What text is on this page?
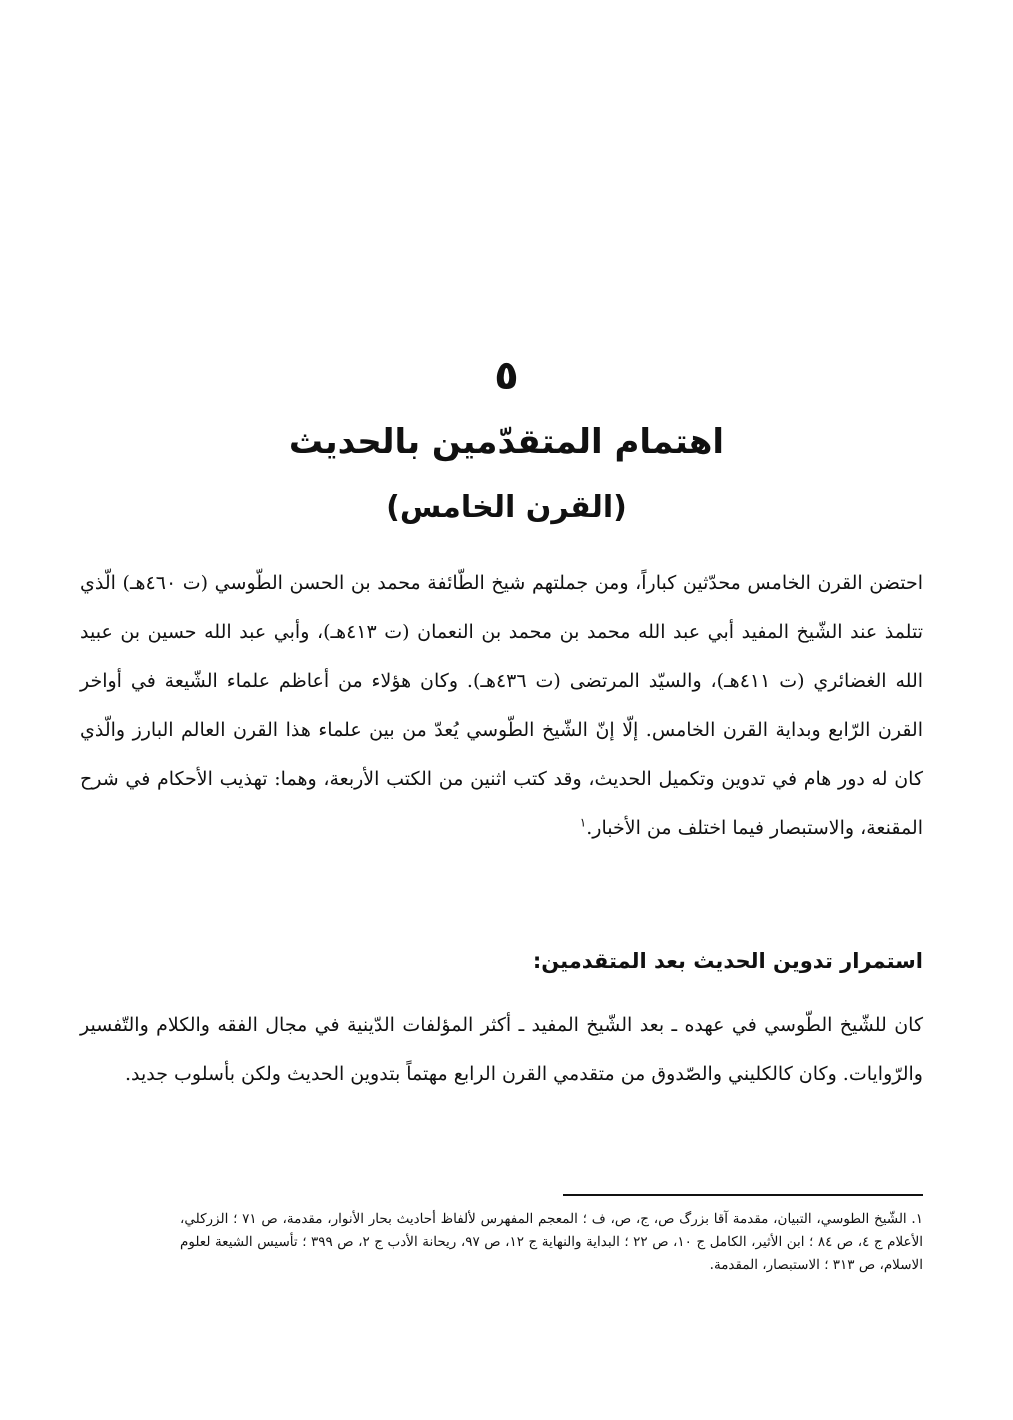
٥
اهتمام المتقدّمين بالحديث
(القرن الخامس)
احتضن القرن الخامس محدّثين كباراً، ومن جملتهم شيخ الطّائفة محمد بن الحسن الطّوسي (ت ٤٦٠هـ) الّذي تتلمذ عند الشّيخ المفيد أبي عبد الله محمد بن محمد بن النعمان (ت ٤١٣هـ)، وأبي عبد الله حسين بن عبيد الله الغضائري (ت ٤١١هـ)، والسيّد المرتضى (ت ٤٣٦هـ). وكان هؤلاء من أعاظم علماء الشّيعة في أواخر القرن الرّابع وبداية القرن الخامس. إلّا إنّ الشّيخ الطّوسي يُعدّ من بين علماء هذا القرن العالم البارز والّذي كان له دور هام في تدوين وتكميل الحديث، وقد كتب اثنين من الكتب الأربعة، وهما: تهذيب الأحكام في شرح المقنعة، والاستبصار فيما اختلف من الأخبار.$^١$
استمرار تدوين الحديث بعد المتقدمين:
كان للشّيخ الطّوسي في عهده ـ بعد الشّيخ المفيد ـ أكثر المؤلفات الدّينية في مجال الفقه والكلام والتّفسير والرّوايات. وكان كالكليني والصّدوق من متقدمي القرن الرابع مهتماً بتدوين الحديث ولكن بأسلوب جديد.
١. الشّيخ الطوسي، التبيان، مقدمة آقا بزرگ ص، ج، ص، ف ؛ المعجم المفهرس لألفاظ أحاديث بحار الأنوار، مقدمة، ص ٧١ ؛ الزركلي، الأعلام ج ٤، ص ٨٤ ؛ ابن الأثير، الكامل ج ١٠، ص ٢٢ ؛ البداية والنهاية ج ١٢، ص ٩٧، ريحانة الأدب ج ٢، ص ٣٩٩ ؛ تأسيس الشيعة لعلوم الاسلام، ص ٣١٣ ؛ الاستبصار، المقدمة.
